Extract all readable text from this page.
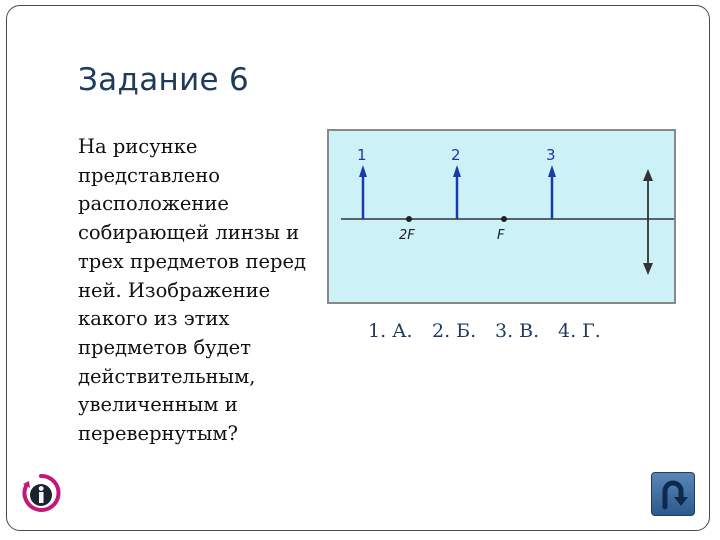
Задание 6
На рисунке
представлено
расположение
собирающей линзы и
трех предметов перед
ней. Изображение
какого из этих
предметов будет
действительным,
увеличенным и
перевернутым?
1	2	3
2F	F
1. А. 2. Б. 3. В. 4. Г.
